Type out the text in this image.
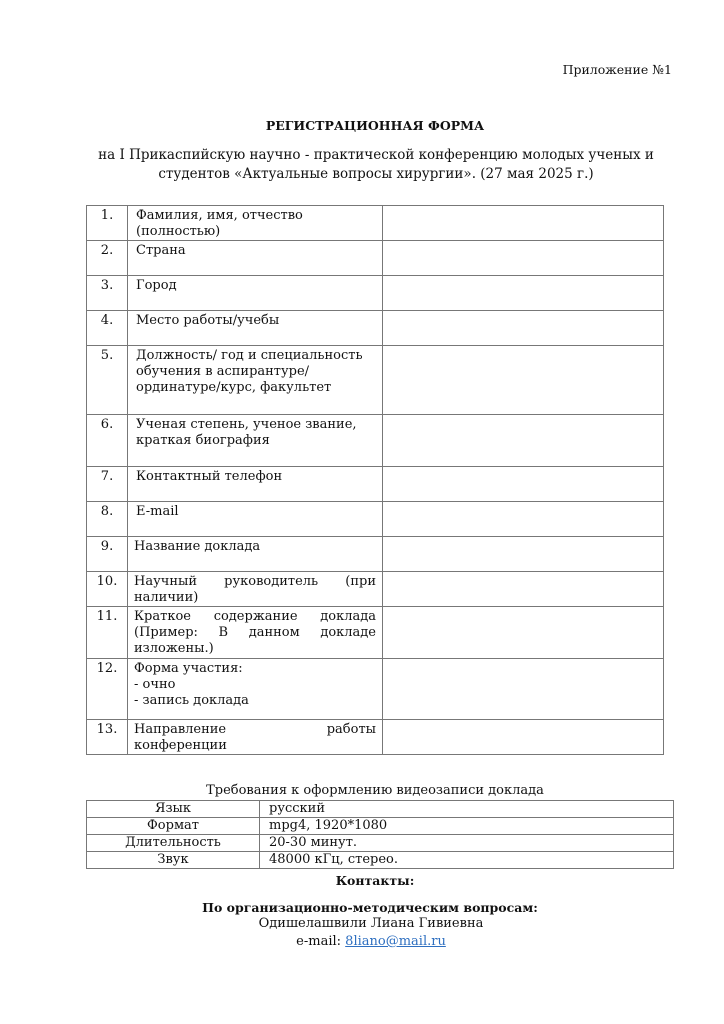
Приложение №1
РЕГИСТРАЦИОННАЯ ФОРМА
на I Прикаспийскую научно - практической конференцию молодых ученых и студентов «Актуальные вопросы хирургии». (27 мая 2025 г.)
1.	Фамилия, имя, отчество (полностью)	
2.	Страна	
3.	Город	
4.	Место работы/учебы	
5.	Должность/ год и специальность обучения в аспирантуре/ординатуре/курс, факультет	
6.	Ученая степень, ученое звание, краткая биография	
7.	Контактный телефон	
8.	E-mail	
9.	Название доклада	
10.	Научный руководитель (при наличии)	
11.	Краткое содержание доклада (Пример: В данном докладе изложены.)	
12.	Форма участия:
- очно
- запись доклада	
13.	Направление работы конференции	
Требования к оформлению видеозаписи доклада
Язык	русский
Формат	mpg4, 1920*1080
Длительность	20-30 минут.
Звук	48000 кГц, стерео.
Контакты:
По организационно-методическим вопросам:
Одишелашвили Лиана Гивиевна
e-mail: 8liano@mail.ru
